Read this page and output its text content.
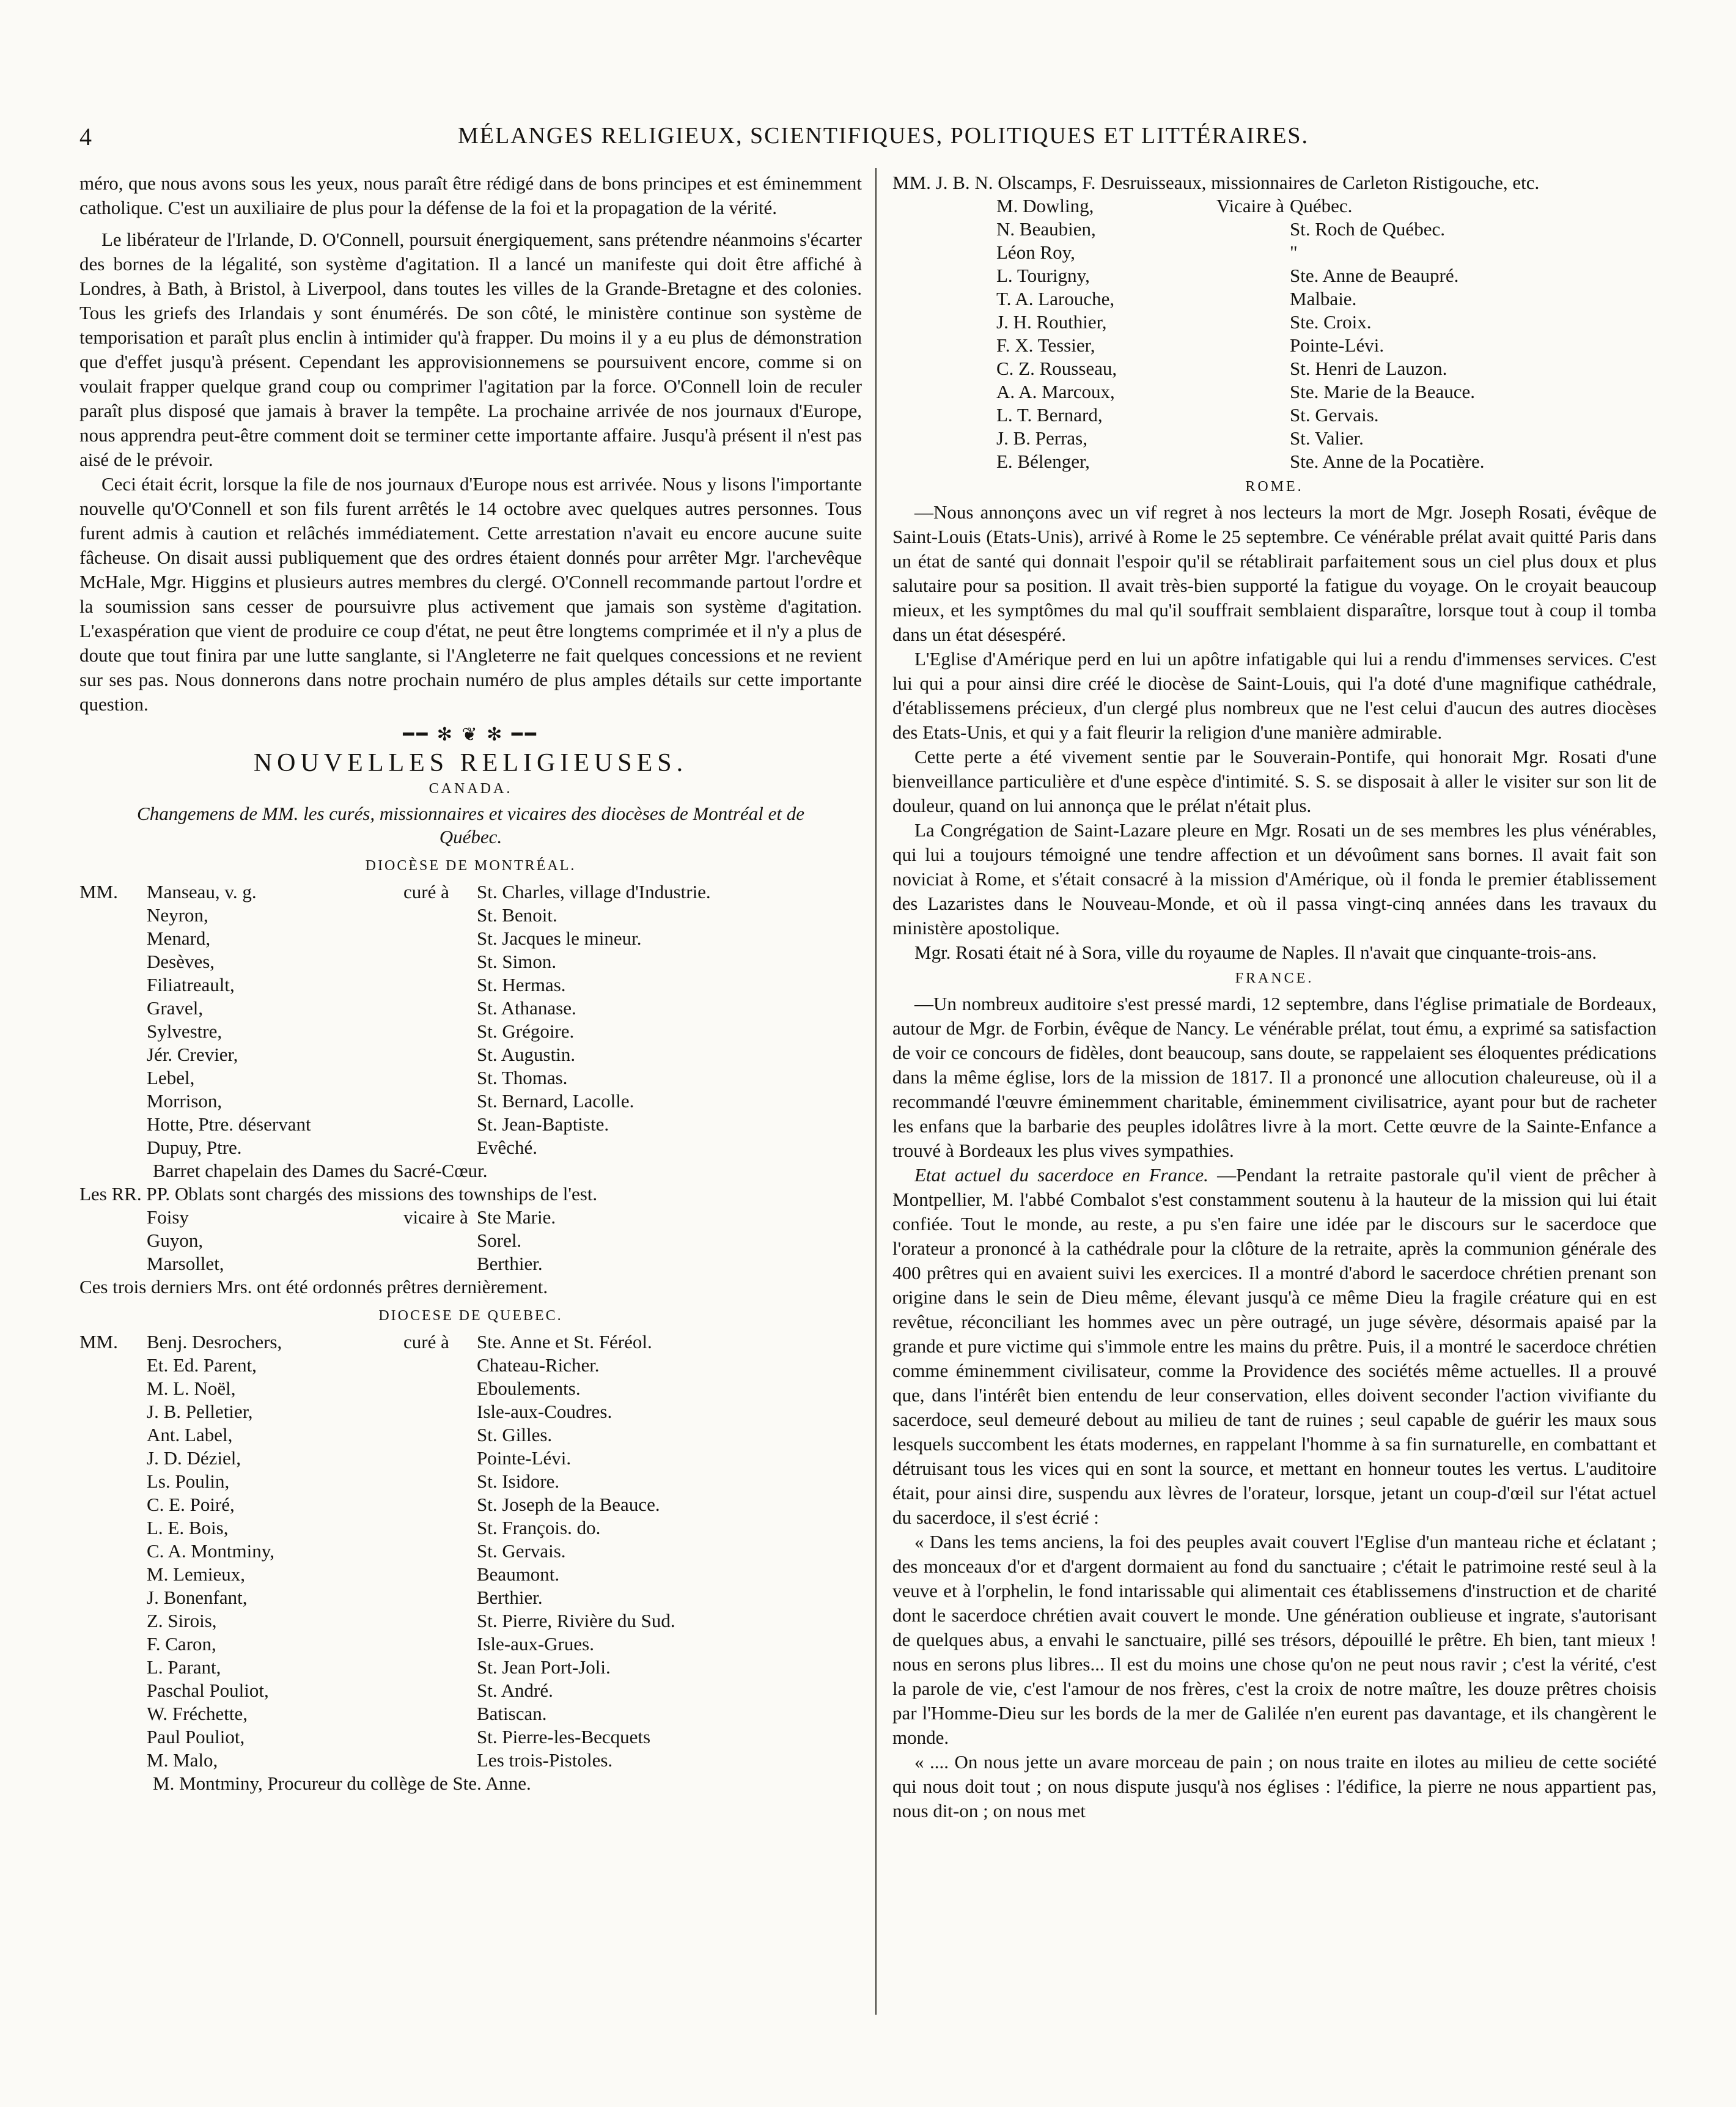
4	MÉLANGES RELIGIEUX, SCIENTIFIQUES, POLITIQUES ET LITTÉRAIRES.

méro, que nous avons sous les yeux, nous paraît être rédigé dans de bons principes et est éminemment catholique. C'est un auxiliaire de plus pour la défense de la foi et la propagation de la vérité.

Le libérateur de l'Irlande, D. O'Connell, poursuit énergiquement, sans prétendre néanmoins s'écarter des bornes de la légalité, son système d'agitation. Il a lancé un manifeste qui doit être affiché à Londres, à Bath, à Bristol, à Liverpool, dans toutes les villes de la Grande-Bretagne et des colonies. Tous les griefs des Irlandais y sont énumérés. De son côté, le ministère continue son système de temporisation et paraît plus enclin à intimider qu'à frapper. Du moins il y a eu plus de démonstration que d'effet jusqu'à présent. Cependant les approvisionnemens se poursuivent encore, comme si on voulait frapper quelque grand coup ou comprimer l'agitation par la force. O'Connell loin de reculer paraît plus disposé que jamais à braver la tempête. La prochaine arrivée de nos journaux d'Europe, nous apprendra peut-être comment doit se terminer cette importante affaire. Jusqu'à présent il n'est pas aisé de le prévoir.

Ceci était écrit, lorsque la file de nos journaux d'Europe nous est arrivée. Nous y lisons l'importante nouvelle qu'O'Connell et son fils furent arrêtés le 14 octobre avec quelques autres personnes. Tous furent admis à caution et relâchés immédiatement. Cette arrestation n'avait eu encore aucune suite fâcheuse. On disait aussi publiquement que des ordres étaient donnés pour arrêter Mgr. l'archevêque McHale, Mgr. Higgins et plusieurs autres membres du clergé. O'Connell recommande partout l'ordre et la soumission sans cesser de poursuivre plus activement que jamais son système d'agitation. L'exaspération que vient de produire ce coup d'état, ne peut être longtems comprimée et il n'y a plus de doute que tout finira par une lutte sanglante, si l'Angleterre ne fait quelques concessions et ne revient sur ses pas. Nous donnerons dans notre prochain numéro de plus amples détails sur cette importante question.

━━ ✻ ❦ ✻ ━━
NOUVELLES RELIGIEUSES.
CANADA.
Changemens de MM. les curés, missionnaires et vicaires des diocèses de Montréal et de Québec.
DIOCÈSE DE MONTRÉAL.
MM.	Manseau, v. g.	curé à	St. Charles, village d'Industrie.
Neyron,	St. Benoit.
Menard,	St. Jacques le mineur.
Desèves,	St. Simon.
Filiatreault,	St. Hermas.
Gravel,	St. Athanase.
Sylvestre,	St. Grégoire.
Jér. Crevier,	St. Augustin.
Lebel,	St. Thomas.
Morrison,	St. Bernard, Lacolle.
Hotte, Ptre. déservant	St. Jean-Baptiste.
Dupuy, Ptre.	Evêché.
Barret chapelain des Dames du Sacré-Cœur.
Les RR. PP. Oblats sont chargés des missions des townships de l'est.
Foisy	vicaire à Ste Marie.
Guyon,	Sorel.
Marsollet,	Berthier.
Ces trois derniers Mrs. ont été ordonnés prêtres dernièrement.
DIOCESE DE QUEBEC.
MM.	Benj. Desrochers,	curé à	Ste. Anne et St. Féréol.
Et. Ed. Parent,	Chateau-Richer.
M. L. Noël,	Eboulements.
J. B. Pelletier,	Isle-aux-Coudres.
Ant. Label,	St. Gilles.
J. D. Déziel,	Pointe-Lévi.
Ls. Poulin,	St. Isidore.
C. E. Poiré,	St. Joseph de la Beauce.
L. E. Bois,	St. François. do.
C. A. Montminy,	St. Gervais.
M. Lemieux,	Beaumont.
J. Bonenfant,	Berthier.
Z. Sirois,	St. Pierre, Rivière du Sud.
F. Caron,	Isle-aux-Grues.
L. Parant,	St. Jean Port-Joli.
Paschal Pouliot,	St. André.
W. Fréchette,	Batiscan.
Paul Pouliot,	St. Pierre-les-Becquets
M. Malo,	Les trois-Pistoles.
M. Montminy, Procureur du collège de Ste. Anne.
MM. J. B. N. Olscamps, F. Desruisseaux, missionnaires de Carleton Ristigouche, etc.
M. Dowling,	Vicaire à Québec.
N. Beaubien,	St. Roch de Québec.
Léon Roy,	"
L. Tourigny,	Ste. Anne de Beaupré.
T. A. Larouche,	Malbaie.
J. H. Routhier,	Ste. Croix.
F. X. Tessier,	Pointe-Lévi.
C. Z. Rousseau,	St. Henri de Lauzon.
A. A. Marcoux,	Ste. Marie de la Beauce.
L. T. Bernard,	St. Gervais.
J. B. Perras,	St. Valier.
E. Bélenger,	Ste. Anne de la Pocatière.
ROME.

—Nous annonçons avec un vif regret à nos lecteurs la mort de Mgr. Joseph Rosati, évêque de Saint-Louis (Etats-Unis), arrivé à Rome le 25 septembre. Ce vénérable prélat avait quitté Paris dans un état de santé qui donnait l'espoir qu'il se rétablirait parfaitement sous un ciel plus doux et plus salutaire pour sa position. Il avait très-bien supporté la fatigue du voyage. On le croyait beaucoup mieux, et les symptômes du mal qu'il souffrait semblaient disparaître, lorsque tout à coup il tomba dans un état désespéré.

L'Eglise d'Amérique perd en lui un apôtre infatigable qui lui a rendu d'immenses services. C'est lui qui a pour ainsi dire créé le diocèse de Saint-Louis, qui l'a doté d'une magnifique cathédrale, d'établissemens précieux, d'un clergé plus nombreux que ne l'est celui d'aucun des autres diocèses des Etats-Unis, et qui y a fait fleurir la religion d'une manière admirable.

Cette perte a été vivement sentie par le Souverain-Pontife, qui honorait Mgr. Rosati d'une bienveillance particulière et d'une espèce d'intimité. S. S. se disposait à aller le visiter sur son lit de douleur, quand on lui annonça que le prélat n'était plus.

La Congrégation de Saint-Lazare pleure en Mgr. Rosati un de ses membres les plus vénérables, qui lui a toujours témoigné une tendre affection et un dévoûment sans bornes. Il avait fait son noviciat à Rome, et s'était consacré à la mission d'Amérique, où il fonda le premier établissement des Lazaristes dans le Nouveau-Monde, et où il passa vingt-cinq années dans les travaux du ministère apostolique.

Mgr. Rosati était né à Sora, ville du royaume de Naples. Il n'avait que cinquante-trois-ans.

FRANCE.

—Un nombreux auditoire s'est pressé mardi, 12 septembre, dans l'église primatiale de Bordeaux, autour de Mgr. de Forbin, évêque de Nancy. Le vénérable prélat, tout ému, a exprimé sa satisfaction de voir ce concours de fidèles, dont beaucoup, sans doute, se rappelaient ses éloquentes prédications dans la même église, lors de la mission de 1817. Il a prononcé une allocution chaleureuse, où il a recommandé l'œuvre éminemment charitable, éminemment civilisatrice, ayant pour but de racheter les enfans que la barbarie des peuples idolâtres livre à la mort. Cette œuvre de la Sainte-Enfance a trouvé à Bordeaux les plus vives sympathies.

Etat actuel du sacerdoce en France. —Pendant la retraite pastorale qu'il vient de prêcher à Montpellier, M. l'abbé Combalot s'est constamment soutenu à la hauteur de la mission qui lui était confiée. Tout le monde, au reste, a pu s'en faire une idée par le discours sur le sacerdoce que l'orateur a prononcé à la cathédrale pour la clôture de la retraite, après la communion générale des 400 prêtres qui en avaient suivi les exercices. Il a montré d'abord le sacerdoce chrétien prenant son origine dans le sein de Dieu même, élevant jusqu'à ce même Dieu la fragile créature qui en est revêtue, réconciliant les hommes avec un père outragé, un juge sévère, désormais apaisé par la grande et pure victime qui s'immole entre les mains du prêtre. Puis, il a montré le sacerdoce chrétien comme éminemment civilisateur, comme la Providence des sociétés même actuelles. Il a prouvé que, dans l'intérêt bien entendu de leur conservation, elles doivent seconder l'action vivifiante du sacerdoce, seul demeuré debout au milieu de tant de ruines ; seul capable de guérir les maux sous lesquels succombent les états modernes, en rappelant l'homme à sa fin surnaturelle, en combattant et détruisant tous les vices qui en sont la source, et mettant en honneur toutes les vertus. L'auditoire était, pour ainsi dire, suspendu aux lèvres de l'orateur, lorsque, jetant un coup-d'œil sur l'état actuel du sacerdoce, il s'est écrié :

« Dans les tems anciens, la foi des peuples avait couvert l'Eglise d'un manteau riche et éclatant ; des monceaux d'or et d'argent dormaient au fond du sanctuaire ; c'était le patrimoine resté seul à la veuve et à l'orphelin, le fond intarissable qui alimentait ces établissemens d'instruction et de charité dont le sacerdoce chrétien avait couvert le monde. Une génération oublieuse et ingrate, s'autorisant de quelques abus, a envahi le sanctuaire, pillé ses trésors, dépouillé le prêtre. Eh bien, tant mieux ! nous en serons plus libres... Il est du moins une chose qu'on ne peut nous ravir ; c'est la vérité, c'est la parole de vie, c'est l'amour de nos frères, c'est la croix de notre maître, les douze prêtres choisis par l'Homme-Dieu sur les bords de la mer de Galilée n'en eurent pas davantage, et ils changèrent le monde.

« .... On nous jette un avare morceau de pain ; on nous traite en ilotes au milieu de cette société qui nous doit tout ; on nous dispute jusqu'à nos églises : l'édifice, la pierre ne nous appartient pas, nous dit-on ; on nous met
